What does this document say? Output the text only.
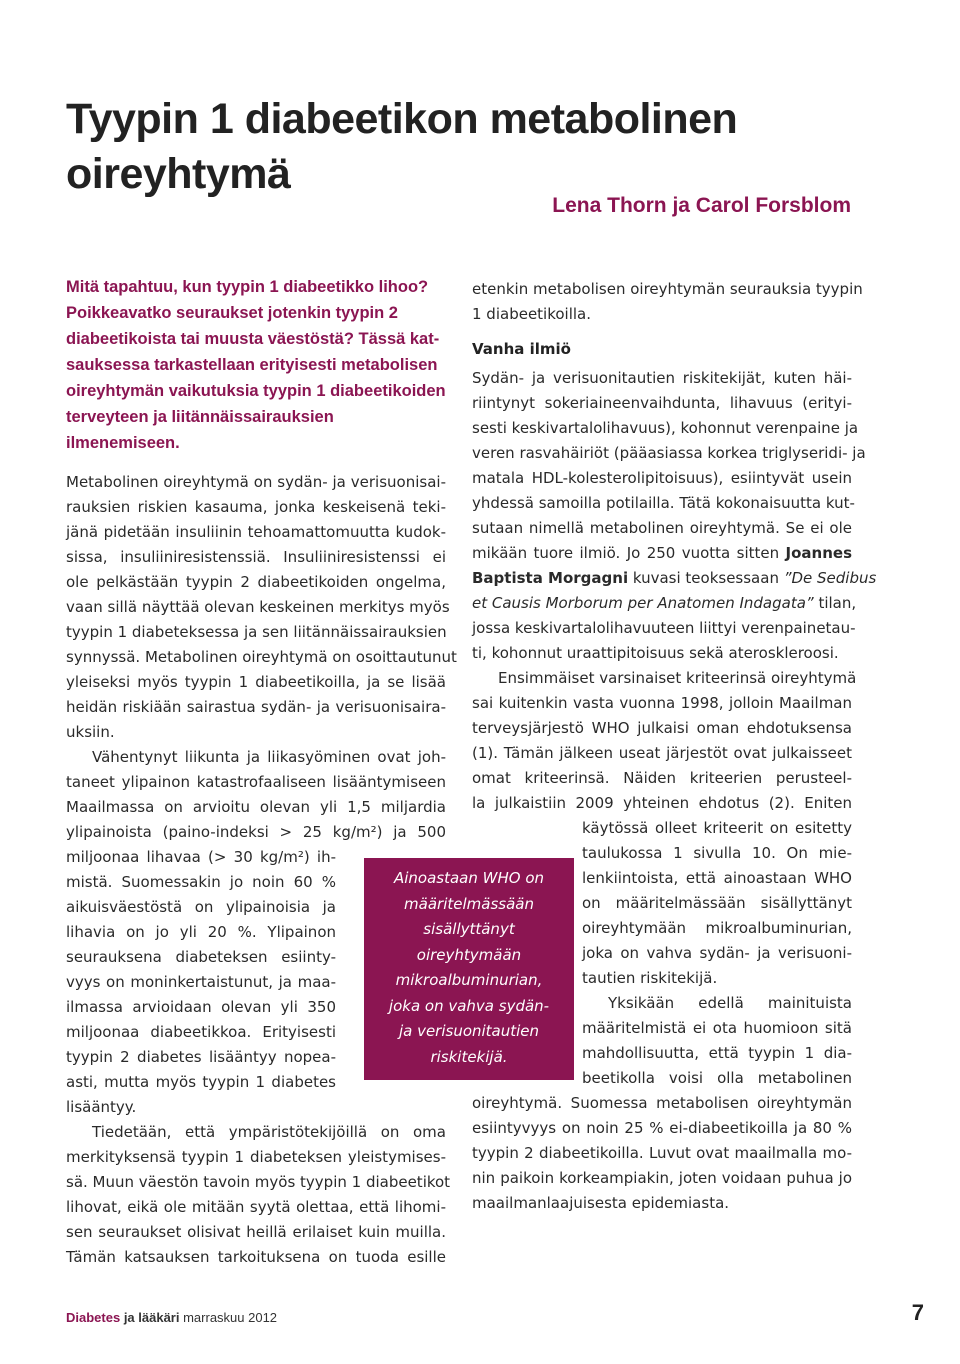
Tyypin 1 diabeetikon metabolinen
oireyhtymä
Lena Thorn ja Carol Forsblom
Mitä tapahtuu, kun tyypin 1 diabeetikko lihoo?
Poikkeavatko seuraukset jotenkin tyypin 2
diabeetikoista tai muusta väestöstä? Tässä kat-
sauksessa tarkastellaan erityisesti metabolisen
oireyhtymän vaikutuksia tyypin 1 diabeetikoiden
terveyteen ja liitännäissairauksien ilmenemiseen.

Metabolinen oireyhtymä on sydän- ja verisuonisai-
rauksien riskien kasauma, jonka keskeisenä teki-
jänä pidetään insuliinin tehoamattomuutta kudok-
sissa, insuliiniresistenssiä. Insuliiniresistenssi ei
ole pelkästään tyypin 2 diabeetikoiden ongelma,
vaan sillä näyttää olevan keskeinen merkitys myös
tyypin 1 diabeteksessa ja sen liitännäissairauksien
synnyssä. Metabolinen oireyhtymä on osoittautunut
yleiseksi myös tyypin 1 diabeetikoilla, ja se lisää
heidän riskiään sairastua sydän- ja verisuonisaira-
uksiin.
Vähentynyt liikunta ja liikasyöminen ovat joh-
taneet ylipainon katastrofaaliseen lisääntymiseen
Maailmassa on arvioitu olevan yli 1,5 miljardia
ylipainoista (paino-indeksi > 25 kg/m²) ja 500
miljoonaa lihavaa (> 30 kg/m²) ih-
mistä. Suomessakin jo noin 60 %
aikuisväestöstä on ylipainoisia ja
lihavia on jo yli 20 %. Ylipainon
seurauksena diabeteksen esiinty-
vyys on moninkertaistunut, ja maa-
ilmassa arvioidaan olevan yli 350
miljoonaa diabeetikkoa. Erityisesti
tyypin 2 diabetes lisääntyy nopeа-
asti, mutta myös tyypin 1 diabetes
lisääntyy.
Tiedetään, että ympäristötekijöillä on oma
merkityksensä tyypin 1 diabeteksen yleistymises-
sä. Muun väestön tavoin myös tyypin 1 diabeetikot
lihovat, eikä ole mitään syytä olettaa, että lihomi-
sen seuraukset olisivat heillä erilaiset kuin muilla.
Tämän katsauksen tarkoituksena on tuoda esille
etenkin metabolisen oireyhtymän seurauksia tyypin
1 diabeetikoilla.
Vanha ilmiö
Sydän- ja verisuonitautien riskitekijät, kuten häi-
riintynyt sokeriaineenvaihdunta, lihavuus (erityi-
sesti keskivartalolihavuus), kohonnut verenpaine ja
veren rasvahäiriöt (pääasiassa korkea triglyseridi- ja
matala HDL-kolesterolipitoisuus), esiintyvät usein
yhdessä samoilla potilailla. Tätä kokonaisuutta kut-
sutaan nimellä metabolinen oireyhtymä. Se ei ole
mikään tuore ilmiö. Jo 250 vuotta sitten Joannes
Baptista Morgagni kuvasi teoksessaan ”De Sedibus
et Causis Morborum per Anatomen Indagata” tilan,
jossa keskivartalolihavuuteen liittyi verenpainetau-
ti, kohonnut uraattipitoisuus sekä ateroskleroosi.
Ensimmäiset varsinaiset kriteerinsä oireyhtymä
sai kuitenkin vasta vuonna 1998, jolloin Maailman
terveysjärjestö WHO julkaisi oman ehdotuksensa
(1). Tämän jälkeen useat järjestöt ovat julkaisseet
omat kriteerinsä. Näiden kriteerien perusteel-
la julkaistiin 2009 yhteinen ehdotus (2). Eniten
käytössä olleet kriteerit on esitetty
taulukossa 1 sivulla 10. On mie-
lenkiintoista, että ainoastaan WHO
on määritelmässään sisällyttänyt
oireyhtymään mikroalbuminurian,
joka on vahva sydän- ja verisuoni-
tautien riskitekijä.
Yksikään edellä mainituista
määritelmistä ei ota huomioon sitä
mahdollisuutta, että tyypin 1 dia-
beetikolla voisi olla metabolinen
oireyhtymä. Suomessa metabolisen oireyhtymän
esiintyvyys on noin 25 % ei-diabeetikoilla ja 80 %
tyypin 2 diabeetikoilla. Luvut ovat maailmalla mo-
nin paikoin korkeampiakin, joten voidaan puhua jo
maailmanlaajuisesta epidemiasta.
Ainoastaan WHO on
määritelmässään
sisällyttänyt
oireyhtymään
mikroalbuminurian,
joka on vahva sydän-
ja verisuonitautien
riskitekijä.
Diabetes ja lääkäri marraskuu 2012	7
